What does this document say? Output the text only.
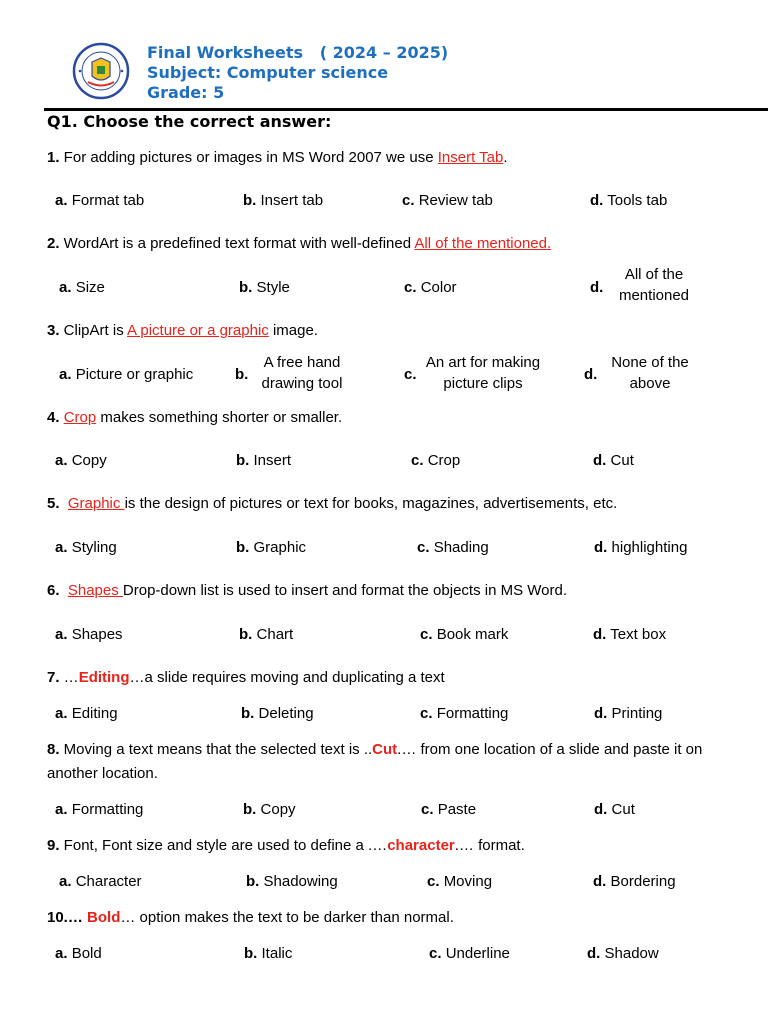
Final Worksheets   ( 2024 – 2025)
Subject: Computer science
Grade: 5
Q1. Choose the correct answer:
1. For adding pictures or images in MS Word 2007 we use Insert Tab.
a. Format tab	b. Insert tab	c. Review tab	d. Tools tab
2. WordArt is a predefined text format with well-defined All of the mentioned.
a. Size	b. Style	c. Color	d.
All of the mentioned
3. ClipArt is A picture or a graphic image.
a. Picture or graphic	b.
A free hand drawing tool
c.
An art for making picture clips
d.
None of the above
4. Crop makes something shorter or smaller.
a. Copy	b. Insert	c. Crop	d. Cut
5. Graphic is the design of pictures or text for books, magazines, advertisements, etc.
a. Styling	b. Graphic	c. Shading	d. highlighting
6. Shapes Drop-down list is used to insert and format the objects in MS Word.
a. Shapes	b. Chart	c. Book mark	d. Text box
7. …Editing…a slide requires moving and duplicating a text
a. Editing	b. Deleting	c. Formatting	d. Printing
8. Moving a text means that the selected text is ..Cut.… from one location of a slide and paste it on another location.
a. Formatting	b. Copy	c. Paste	d. Cut
9. Font, Font size and style are used to define a .…character.… format.
a. Character	b. Shadowing	c. Moving	d. Bordering
10.… Bold… option makes the text to be darker than normal.
a. Bold	b. Italic	c. Underline	d. Shadow
